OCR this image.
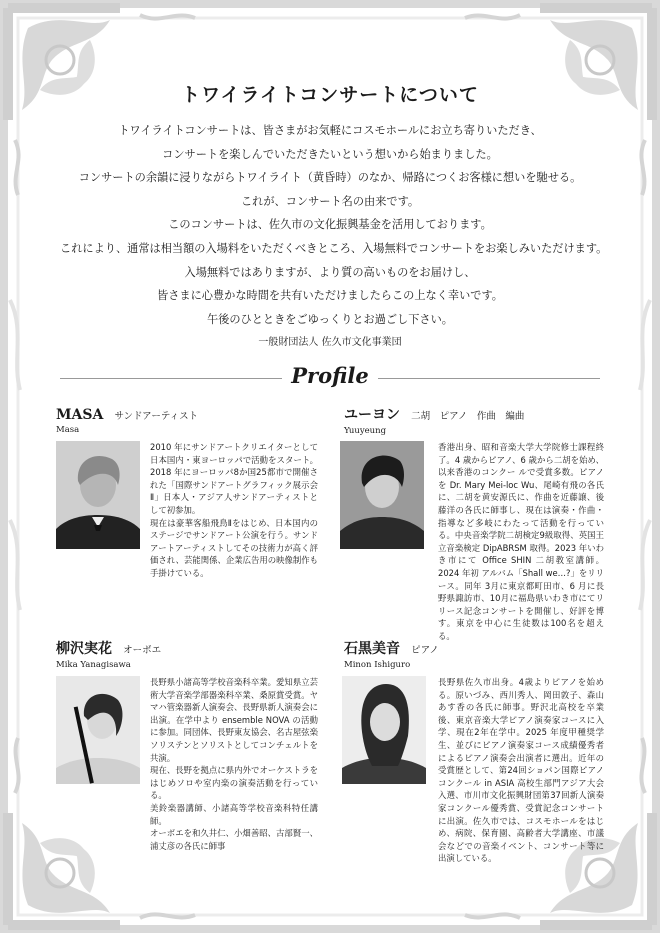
トワイライトコンサートについて

トワイライトコンサートは、皆さまがお気軽にコスモホールにお立ち寄りいただき、

コンサートを楽しんでいただきたいという想いから始まりました。

コンサートの余韻に浸りながらトワイライト（黄昏時）のなか、帰路につくお客様に想いを馳せる。

これが、コンサート名の由来です。

このコンサートは、佐久市の文化振興基金を活用しております。

これにより、通常は相当額の入場料をいただくべきところ、入場無料でコンサートをお楽しみいただけます。

入場無料ではありますが、より質の高いものをお届けし、

皆さまに心豊かな時間を共有いただけましたらこの上なく幸いです。

午後のひとときをごゆっくりとお過ごし下さい。

一般財団法人 佐久市文化事業団
Profile
MASA サンドアーティスト
Masa

2010 年にサンドアートクリエイターとして日本国内・東ヨーロッパで活動をスタート。2018 年にヨーロッパ8か国25都市で開催された「国際サンドアートグラフィック展示会Ⅱ」日本人・アジア人サンドアーティストとして初参加。

現在は豪華客船飛鳥Ⅱをはじめ、日本国内のステージでサンドアート公演を行う。サンドアートアーティストしてその技術力が高く評価され、芸能関係、企業広告用の映像制作も手掛けている。

ユーヨン 二胡　ピアノ　作曲　編曲
Yuuyeung

香港出身、昭和音楽大学大学院修士課程終了。4 歳からピアノ、6 歳から二胡を始め、以来香港のコンクー ルで受賞多数。ピアノを Dr. Mary Mei-loc Wu、尾崎有飛の各氏に、二胡を黄安源氏に、作曲を近藤譲、後藤洋の各氏に師事し、現在は演奏・作曲・指導など多岐にわたって活動を行っている。中央音楽学院二胡検定9級取得、英国王立音楽検定 DipABRSM 取得。2023 年いわき市にて Office SHIN 二胡教室講師。2024 年初 アルバム「Shall we…?」をリリース。同年 3月に東京都町田市、6 月に長野県諏訪市、10月に福島県いわき市にてリリース記念コンサートを開催し、好評を博す。東京を中心に生徒数は100名を超える。

柳沢実花 オーボエ
Mika Yanagisawa

長野県小諸高等学校音楽科卒業。愛知県立芸術大学音楽学部器楽科卒業、桑原賞受賞。ヤマハ管楽器新人演奏会、長野県新人演奏会に出演。在学中より ensemble NOVA の活動に参加。同団体、長野東友協会、名古屋弦楽ソリステンとソリストとしてコンチェルトを共演。

現在、長野を拠点に県内外でオーケストラをはじめソロや室内楽の演奏活動を行っている。

美鈴楽器講師、小諸高等学校音楽科特任講師。

オーボエを和久井仁、小畑善昭、古部賢一、浦丈彦の各氏に師事

石黒美音 ピアノ
Minon Ishiguro

長野県佐久市出身。4歳よりピアノを始める。原いづみ、西川秀人、岡田敦子、森山あす香の各氏に師事。野沢北高校を卒業後、東京音楽大学ピアノ演奏家コースに入学、現在2年在学中。2025 年度甲種奨学生、並びにピアノ演奏家コース成績優秀者によるピアノ演奏会出演者に選出。近年の受賞歴として、第24回ショパン国際ピアノコンクール in ASIA 高校生部門アジア大会入選、市川市文化振興財団第37回新人演奏家コンクール優秀賞、受賞記念コンサートに出演。佐久市では、コスモホールをはじめ、病院、保育園、高齢者大学講座、市議会などでの音楽イベント、コンサート等に出演している。
